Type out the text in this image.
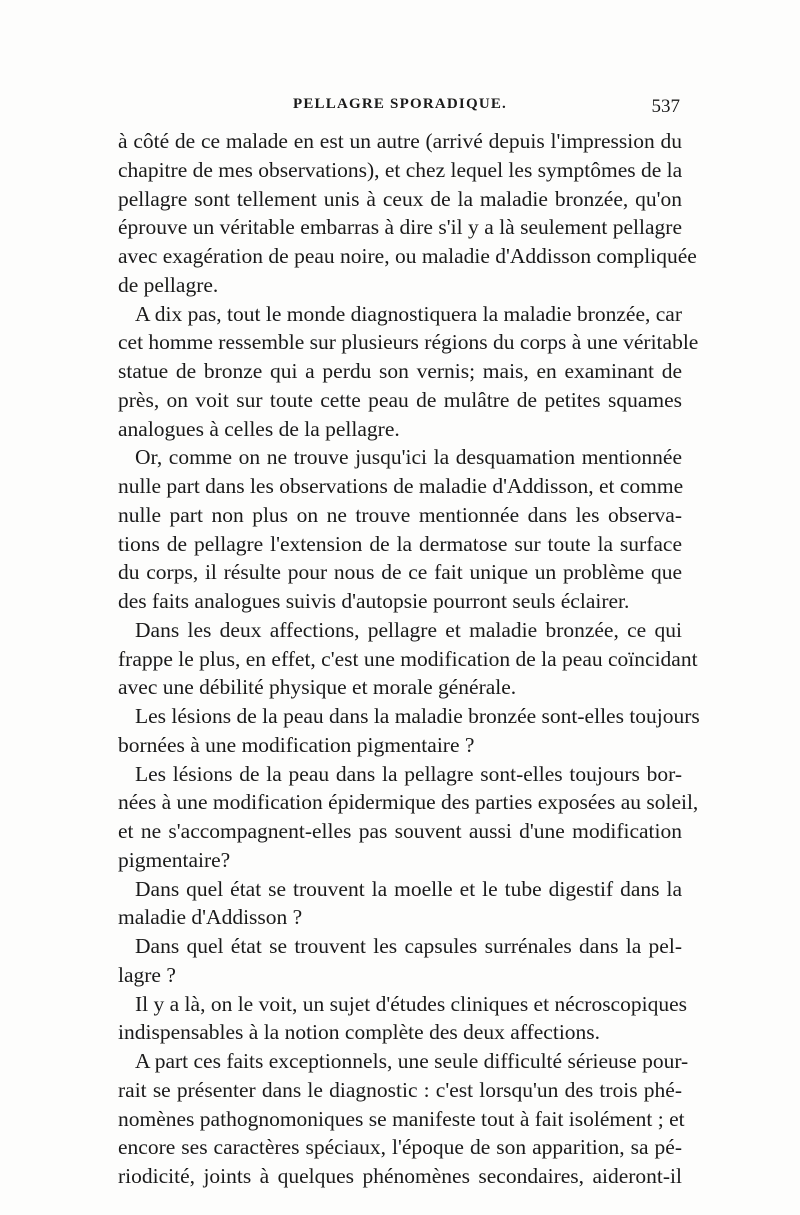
PELLAGRE SPORADIQUE.	537
à côté de ce malade en est un autre (arrivé depuis l'impression du
chapitre de mes observations), et chez lequel les symptômes de la
pellagre sont tellement unis à ceux de la maladie bronzée, qu'on
éprouve un véritable embarras à dire s'il y a là seulement pellagre
avec exagération de peau noire, ou maladie d'Addisson compliquée
de pellagre.
A dix pas, tout le monde diagnostiquera la maladie bronzée, car
cet homme ressemble sur plusieurs régions du corps à une véritable
statue de bronze qui a perdu son vernis; mais, en examinant de
près, on voit sur toute cette peau de mulâtre de petites squames
analogues à celles de la pellagre.
Or, comme on ne trouve jusqu'ici la desquamation mentionnée
nulle part dans les observations de maladie d'Addisson, et comme
nulle part non plus on ne trouve mentionnée dans les observa-
tions de pellagre l'extension de la dermatose sur toute la surface
du corps, il résulte pour nous de ce fait unique un problème que
des faits analogues suivis d'autopsie pourront seuls éclairer.
Dans les deux affections, pellagre et maladie bronzée, ce qui
frappe le plus, en effet, c'est une modification de la peau coïncidant
avec une débilité physique et morale générale.
Les lésions de la peau dans la maladie bronzée sont-elles toujours
bornées à une modification pigmentaire ?
Les lésions de la peau dans la pellagre sont-elles toujours bor-
nées à une modification épidermique des parties exposées au soleil,
et ne s'accompagnent-elles pas souvent aussi d'une modification
pigmentaire?
Dans quel état se trouvent la moelle et le tube digestif dans la
maladie d'Addisson ?
Dans quel état se trouvent les capsules surrénales dans la pel-
lagre ?
Il y a là, on le voit, un sujet d'études cliniques et nécroscopiques
indispensables à la notion complète des deux affections.
A part ces faits exceptionnels, une seule difficulté sérieuse pour-
rait se présenter dans le diagnostic : c'est lorsqu'un des trois phé-
nomènes pathognomoniques se manifeste tout à fait isolément ; et
encore ses caractères spéciaux, l'époque de son apparition, sa pé-
riodicité, joints à quelques phénomènes secondaires, aideront-il
